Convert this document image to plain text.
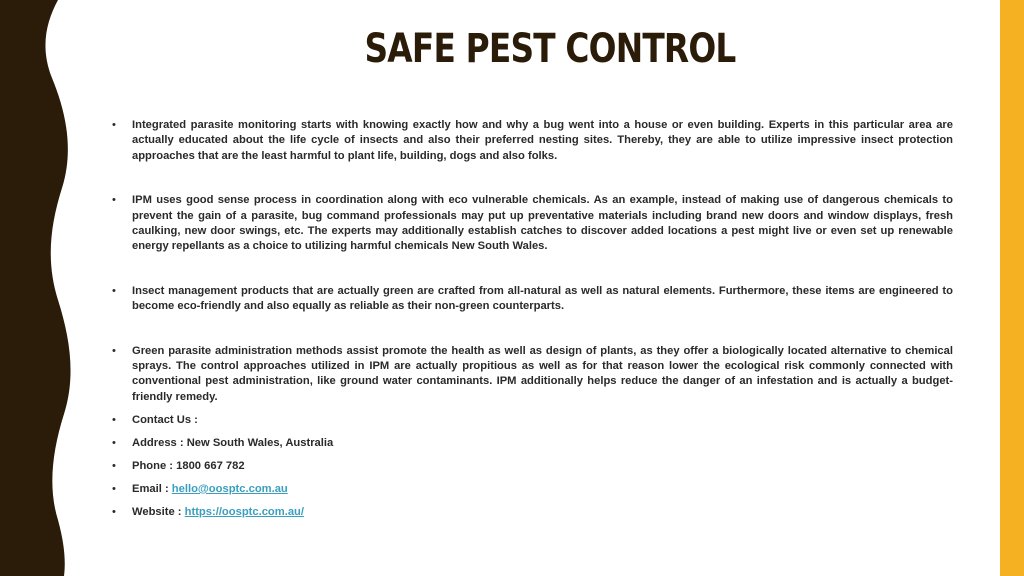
SAFE PEST CONTROL
• Integrated parasite monitoring starts with knowing exactly how and why a bug went into a house or even building. Experts in this particular area are actually educated about the life cycle of insects and also their preferred nesting sites. Thereby, they are able to utilize impressive insect protection approaches that are the least harmful to plant life, building, dogs and also folks.
• IPM uses good sense process in coordination along with eco vulnerable chemicals. As an example, instead of making use of dangerous chemicals to prevent the gain of a parasite, bug command professionals may put up preventative materials including brand new doors and window displays, fresh caulking, new door swings, etc. The experts may additionally establish catches to discover added locations a pest might live or even set up renewable energy repellants as a choice to utilizing harmful chemicals New South Wales.
• Insect management products that are actually green are crafted from all-natural as well as natural elements. Furthermore, these items are engineered to become eco-friendly and also equally as reliable as their non-green counterparts.
• Green parasite administration methods assist promote the health as well as design of plants, as they offer a biologically located alternative to chemical sprays. The control approaches utilized in IPM are actually propitious as well as for that reason lower the ecological risk commonly connected with conventional pest administration, like ground water contaminants. IPM additionally helps reduce the danger of an infestation and is actually a budget-friendly remedy.
• Contact Us :
• Address : New South Wales, Australia
• Phone : 1800 667 782
• Email : hello@oosptc.com.au
• Website : https://oosptc.com.au/
